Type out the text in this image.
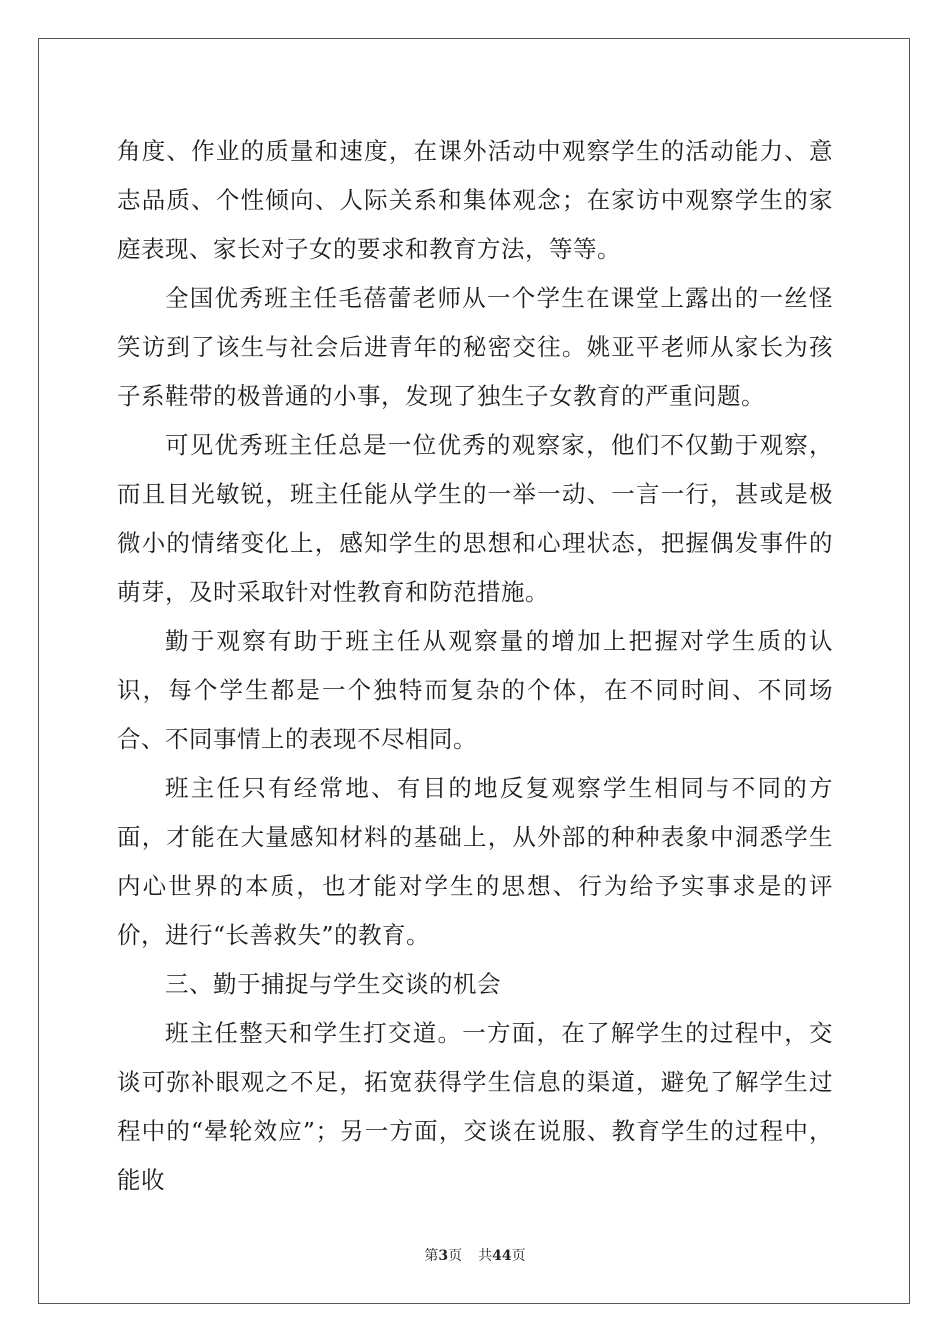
角度、作业的质量和速度，在课外活动中观察学生的活动能力、意志品质、个性倾向、人际关系和集体观念；在家访中观察学生的家庭表现、家长对子女的要求和教育方法，等等。

全国优秀班主任毛蓓蕾老师从一个学生在课堂上露出的一丝怪笑访到了该生与社会后进青年的秘密交往。姚亚平老师从家长为孩子系鞋带的极普通的小事，发现了独生子女教育的严重问题。

可见优秀班主任总是一位优秀的观察家，他们不仅勤于观察，而且目光敏锐，班主任能从学生的一举一动、一言一行，甚或是极微小的情绪变化上，感知学生的思想和心理状态，把握偶发事件的萌芽，及时采取针对性教育和防范措施。

勤于观察有助于班主任从观察量的增加上把握对学生质的认识，每个学生都是一个独特而复杂的个体，在不同时间、不同场合、不同事情上的表现不尽相同。

班主任只有经常地、有目的地反复观察学生相同与不同的方面，才能在大量感知材料的基础上，从外部的种种表象中洞悉学生内心世界的本质，也才能对学生的思想、行为给予实事求是的评价，进行“长善救失”的教育。

三、勤于捕捉与学生交谈的机会

班主任整天和学生打交道。一方面，在了解学生的过程中，交谈可弥补眼观之不足，拓宽获得学生信息的渠道，避免了解学生过程中的“晕轮效应”；另一方面，交谈在说服、教育学生的过程中，能收

第3页 共44页
